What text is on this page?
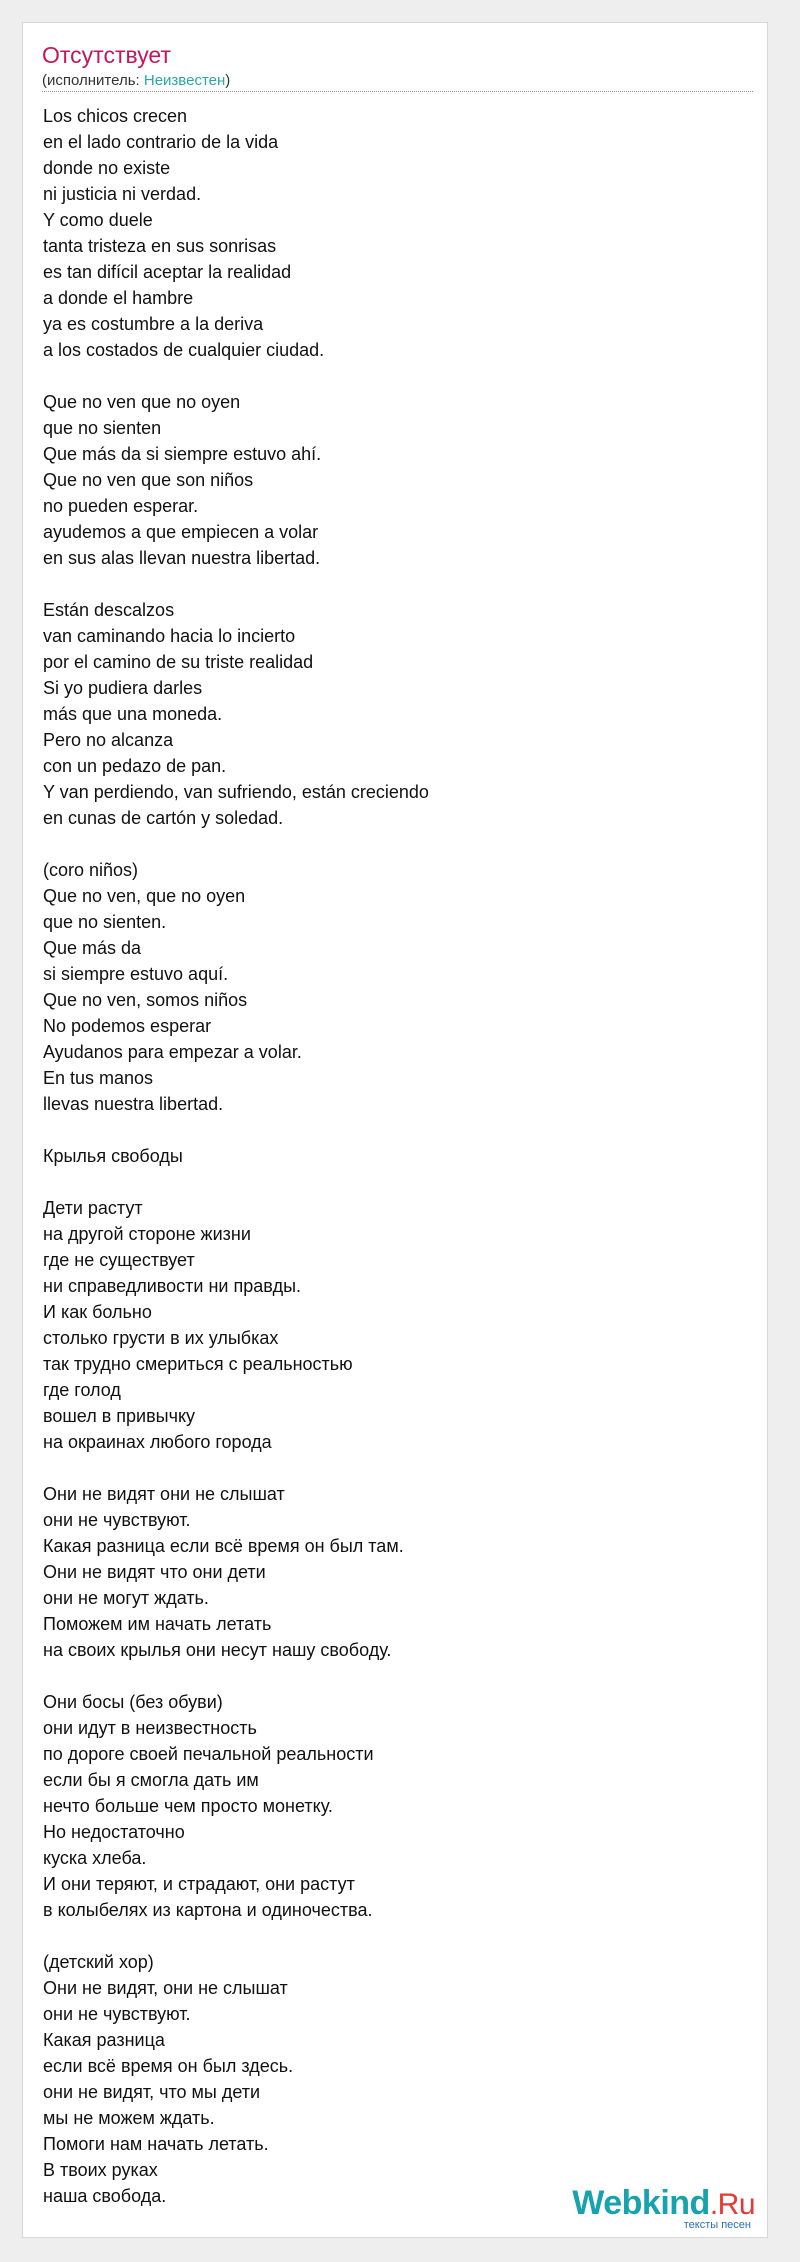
Отсутствует
(исполнитель: Неизвестен)
Los chicos crecen
en el lado contrario de la vida
donde no existe
ni justicia ni verdad.
Y como duele
tanta tristeza en sus sonrisas
es tan difícil aceptar la realidad
a donde el hambre
ya es costumbre a la deriva
a los costados de cualquier ciudad.
Que no ven que no oyen
que no sienten
Que más da si siempre estuvo ahí.
Que no ven que son niños
no pueden esperar.
ayudemos a que empiecen a volar
en sus alas llevan nuestra libertad.
Están descalzos
van caminando hacia lo incierto
por el camino de su triste realidad
Si yo pudiera darles
más que una moneda.
Pero no alcanza
con un pedazo de pan.
Y van perdiendo, van sufriendo, están creciendo
en cunas de cartón y soledad.
(coro niños)
Que no ven, que no oyen
que no sienten.
Que más da
si siempre estuvo aquí.
Que no ven, somos niños
No podemos esperar
Ayudanos para empezar a volar.
En tus manos
llevas nuestra libertad.
Крылья свободы
Дети растут
на другой стороне жизни
где не существует
ни справедливости ни правды.
И как больно
столько грусти в их улыбках
так трудно смериться с реальностью
где голод
вошел в привычку
на окраинах любого города
Они не видят они не слышат
они не чувствуют.
Какая разница если всё время он был там.
Они не видят что они дети
они не могут ждать.
Поможем им начать летать
на своих крылья они несут нашу свободу.
Они босы (без обуви)
они идут в неизвестность
по дороге своей печальной реальности
если бы я смогла дать им
нечто больше чем просто монетку.
Но недостаточно
куска хлеба.
И они теряют, и страдают, они растут
в колыбелях из картона и одиночества.
(детский хор)
Они не видят, они не слышат
они не чувствуют.
Какая разница
если всё время он был здесь.
они не видят, что мы дети
мы не можем ждать.
Помоги нам начать летать.
В твоих руках
наша свобода.	Webkind.Ru
тексты песен
